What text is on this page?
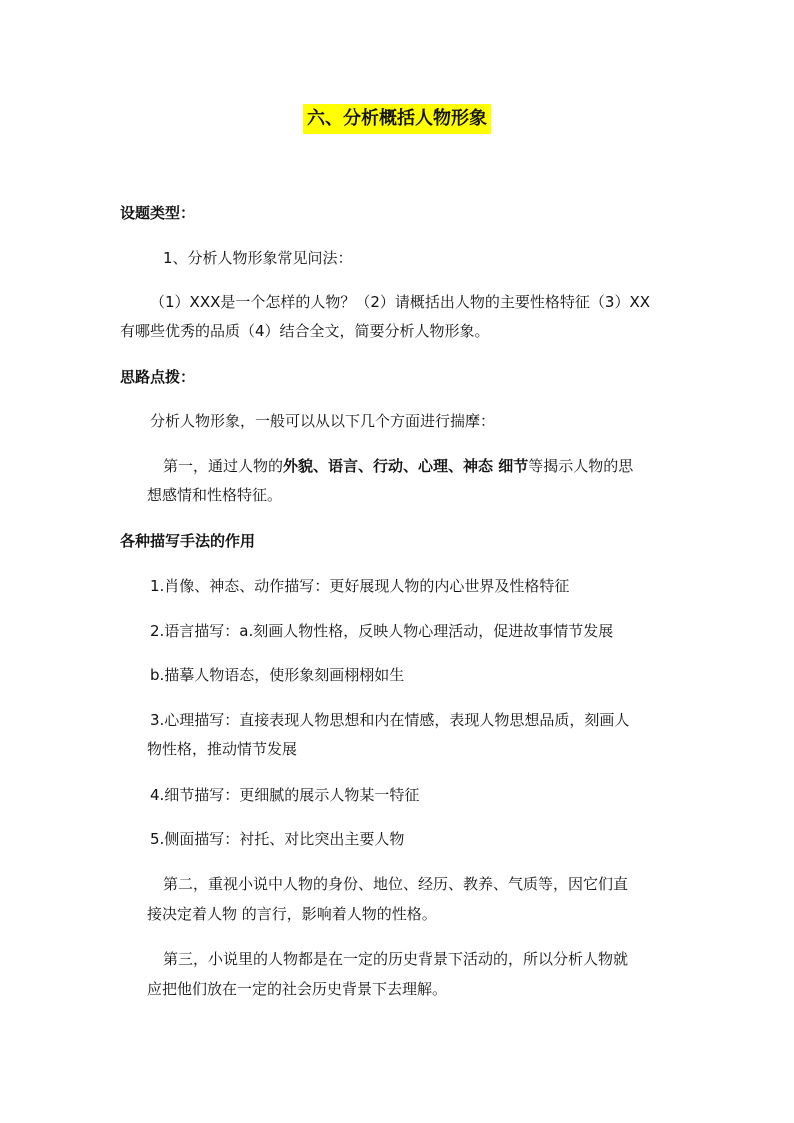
六、分析概括人物形象
设题类型：
1、分析人物形象常见问法：
（1）XXX是一个怎样的人物？（2）请概括出人物的主要性格特征（3）XX
有哪些优秀的品质（4）结合全文，简要分析人物形象。
思路点拨：
分析人物形象，一般可以从以下几个方面进行揣摩：
第一，通过人物的外貌、语言、行动、心理、神态 细节等揭示人物的思
想感情和性格特征。
各种描写手法的作用
1.肖像、神态、动作描写：更好展现人物的内心世界及性格特征
2.语言描写：a.刻画人物性格，反映人物心理活动，促进故事情节发展
b.描摹人物语态，使形象刻画栩栩如生
3.心理描写：直接表现人物思想和内在情感，表现人物思想品质，刻画人
物性格，推动情节发展
4.细节描写：更细腻的展示人物某一特征
5.侧面描写：衬托、对比突出主要人物
第二，重视小说中人物的身份、地位、经历、教养、气质等，因它们直
接决定着人物 的言行，影响着人物的性格。
第三，小说里的人物都是在一定的历史背景下活动的，所以分析人物就
应把他们放在一定的社会历史背景下去理解。
